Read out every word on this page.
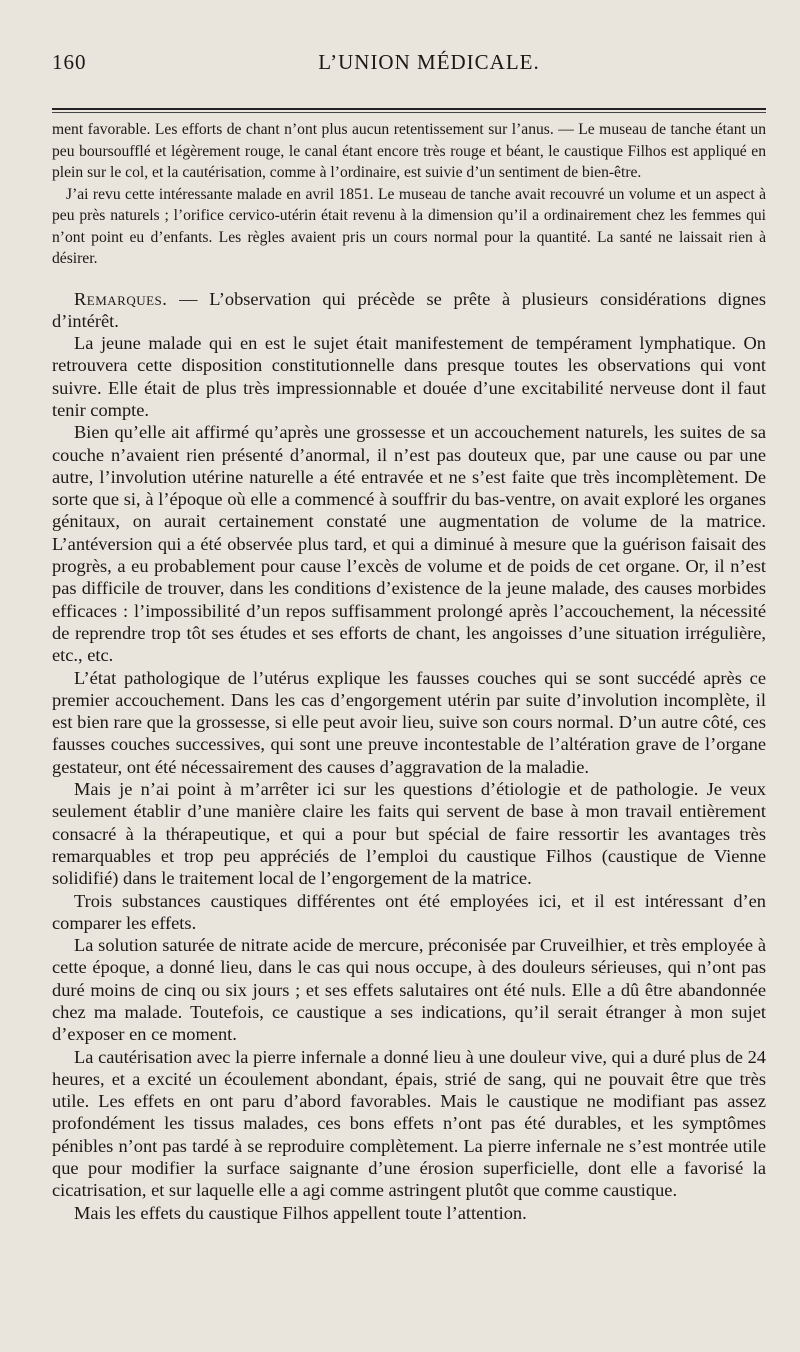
160	L’UNION MÉDICALE.

ment favorable. Les efforts de chant n’ont plus aucun retentissement sur l’anus. — Le museau de tanche étant un peu boursoufflé et légèrement rouge, le canal étant encore très rouge et béant, le caustique Filhos est appliqué en plein sur le col, et la cautérisation, comme à l’ordinaire, est suivie d’un sentiment de bien-être.

J’ai revu cette intéressante malade en avril 1851. Le museau de tanche avait recouvré un volume et un aspect à peu près naturels ; l’orifice cervico-utérin était revenu à la dimension qu’il a ordinairement chez les femmes qui n’ont point eu d’enfants. Les règles avaient pris un cours normal pour la quantité. La santé ne laissait rien à désirer.

Remarques. — L’observation qui précède se prête à plusieurs considérations dignes d’intérêt.

La jeune malade qui en est le sujet était manifestement de tempérament lymphatique. On retrouvera cette disposition constitutionnelle dans presque toutes les observations qui vont suivre. Elle était de plus très impressionnable et douée d’une excitabilité nerveuse dont il faut tenir compte.

Bien qu’elle ait affirmé qu’après une grossesse et un accouchement naturels, les suites de sa couche n’avaient rien présenté d’anormal, il n’est pas douteux que, par une cause ou par une autre, l’involution utérine naturelle a été entravée et ne s’est faite que très incomplètement. De sorte que si, à l’époque où elle a commencé à souffrir du bas-ventre, on avait exploré les organes génitaux, on aurait certainement constaté une augmentation de volume de la matrice. L’antéversion qui a été observée plus tard, et qui a diminué à mesure que la guérison faisait des progrès, a eu probablement pour cause l’excès de volume et de poids de cet organe. Or, il n’est pas difficile de trouver, dans les conditions d’existence de la jeune malade, des causes morbides efficaces : l’impossibilité d’un repos suffisamment prolongé après l’accouchement, la nécessité de reprendre trop tôt ses études et ses efforts de chant, les angoisses d’une situation irrégulière, etc., etc.

L’état pathologique de l’utérus explique les fausses couches qui se sont succédé après ce premier accouchement. Dans les cas d’engorgement utérin par suite d’involution incomplète, il est bien rare que la grossesse, si elle peut avoir lieu, suive son cours normal. D’un autre côté, ces fausses couches successives, qui sont une preuve incontestable de l’altération grave de l’organe gestateur, ont été nécessairement des causes d’aggravation de la maladie.

Mais je n’ai point à m’arrêter ici sur les questions d’étiologie et de pathologie. Je veux seulement établir d’une manière claire les faits qui servent de base à mon travail entièrement consacré à la thérapeutique, et qui a pour but spécial de faire ressortir les avantages très remarquables et trop peu appréciés de l’emploi du caustique Filhos (caustique de Vienne solidifié) dans le traitement local de l’engorgement de la matrice.

Trois substances caustiques différentes ont été employées ici, et il est intéressant d’en comparer les effets.

La solution saturée de nitrate acide de mercure, préconisée par Cruveilhier, et très employée à cette époque, a donné lieu, dans le cas qui nous occupe, à des douleurs sérieuses, qui n’ont pas duré moins de cinq ou six jours ; et ses effets salutaires ont été nuls. Elle a dû être abandonnée chez ma malade. Toutefois, ce caustique a ses indications, qu’il serait étranger à mon sujet d’exposer en ce moment.

La cautérisation avec la pierre infernale a donné lieu à une douleur vive, qui a duré plus de 24 heures, et a excité un écoulement abondant, épais, strié de sang, qui ne pouvait être que très utile. Les effets en ont paru d’abord favorables. Mais le caustique ne modifiant pas assez profondément les tissus malades, ces bons effets n’ont pas été durables, et les symptômes pénibles n’ont pas tardé à se reproduire complètement. La pierre infernale ne s’est montrée utile que pour modifier la surface saignante d’une érosion superficielle, dont elle a favorisé la cicatrisation, et sur laquelle elle a agi comme astringent plutôt que comme caustique.

Mais les effets du caustique Filhos appellent toute l’attention.
